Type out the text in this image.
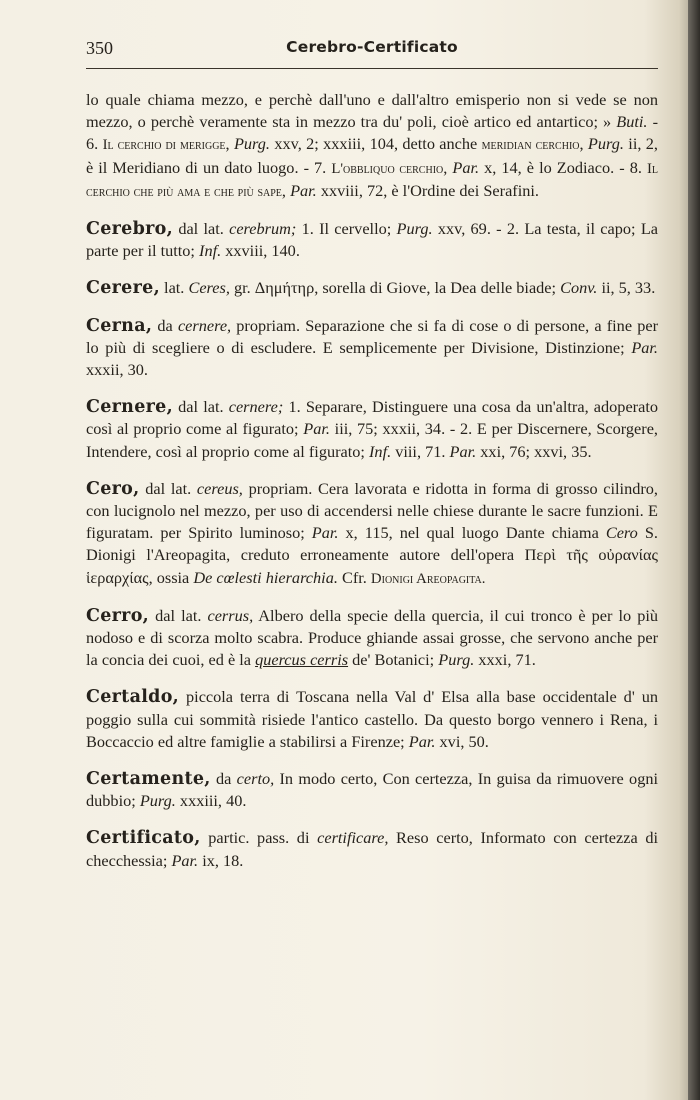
350	Cerebro-Certificato

lo quale chiama mezzo, e perchè dall'uno e dall'altro emisperio non si vede se non mezzo, o perchè veramente sta in mezzo tra du' poli, cioè artico ed antartico; » Buti. - 6. Il cerchio di merigge, Purg. xxv, 2; xxxiii, 104, detto anche meridian cerchio, Purg. ii, 2, è il Meridiano di un dato luogo. - 7. L'obbliquo cerchio, Par. x, 14, è lo Zodiaco. - 8. Il cerchio che più ama e che più sape, Par. xxviii, 72, è l'Ordine dei Serafini.

Cerebro, dal lat. cerebrum; 1. Il cervello; Purg. xxv, 69. - 2. La testa, il capo; La parte per il tutto; Inf. xxviii, 140.

Cerere, lat. Ceres, gr. Δημήτηρ, sorella di Giove, la Dea delle biade; Conv. ii, 5, 33.

Cerna, da cernere, propriam. Separazione che si fa di cose o di persone, a fine per lo più di scegliere o di escludere. E semplicemente per Divisione, Distinzione; Par. xxxii, 30.

Cernere, dal lat. cernere; 1. Separare, Distinguere una cosa da un'altra, adoperato così al proprio come al figurato; Par. iii, 75; xxxii, 34. - 2. E per Discernere, Scorgere, Intendere, così al proprio come al figurato; Inf. viii, 71. Par. xxi, 76; xxvi, 35.

Cero, dal lat. cereus, propriam. Cera lavorata e ridotta in forma di grosso cilindro, con lucignolo nel mezzo, per uso di accendersi nelle chiese durante le sacre funzioni. E figuratam. per Spirito luminoso; Par. x, 115, nel qual luogo Dante chiama Cero S. Dionigi l'Areopagita, creduto erroneamente autore dell'opera Περὶ τῆς οὐρανίας ἱεραρχίας, ossia De cœlesti hierarchia. Cfr. Dionigi Areopagita.

Cerro, dal lat. cerrus, Albero della specie della quercia, il cui tronco è per lo più nodoso e di scorza molto scabra. Produce ghiande assai grosse, che servono anche per la concia dei cuoi, ed è la quercus cerris de' Botanici; Purg. xxxi, 71.

Certaldo, piccola terra di Toscana nella Val d' Elsa alla base occidentale d' un poggio sulla cui sommità risiede l'antico castello. Da questo borgo vennero i Rena, i Boccaccio ed altre famiglie a stabilirsi a Firenze; Par. xvi, 50.

Certamente, da certo, In modo certo, Con certezza, In guisa da rimuovere ogni dubbio; Purg. xxxiii, 40.

Certificato, partic. pass. di certificare, Reso certo, Informato con certezza di checchessia; Par. ix, 18.
